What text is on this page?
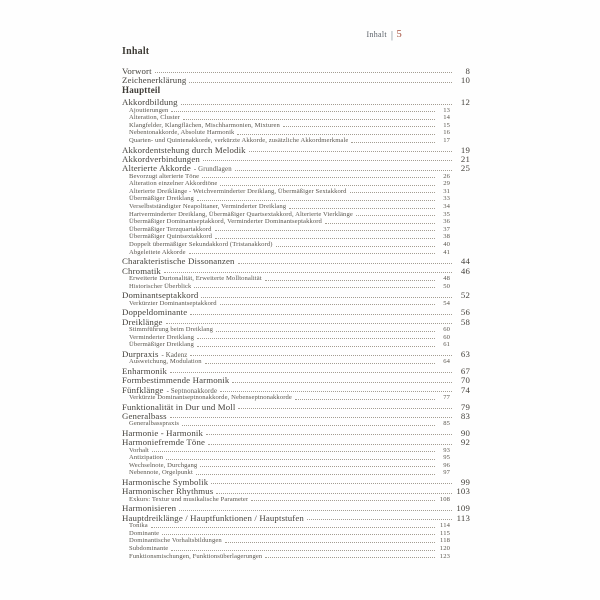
Inhalt | 5
Inhalt
Vorwort	8
Zeichenerklärung	10
Hauptteil
Akkordbildung	12
Ajoutierungen	13
Alteration, Cluster	14
Klangfelder, Klangflächen, Mischharmonien, Mixturen	15
Nebentonakkorde, Absolute Harmonik	16
Quarten- und Quintenakkorde, verkürzte Akkorde, zusätzliche Akkordmerkmale	17
Akkordentstehung durch Melodik	19
Akkordverbindungen	21
Alterierte Akkorde - Grundlagen	25
Bevorzugt alterierte Töne	26
Alteration einzelner Akkordtöne	29
Alterierte Dreiklänge - Weichverminderter Dreiklang, Übermäßiger Sextakkord	31
Übermäßiger Dreiklang	33
Verselbstständigter Neapolitaner, Verminderter Dreiklang	34
Hartverminderter Dreiklang, Übermäßiger Quartsextakkord, Alterierte Vierklänge	35
Übermäßiger Dominantseptakkord, Verminderter Dominantseptakkord	36
Übermäßiger Terzquartakkord	37
Übermäßiger Quintsextakkord	38
Doppelt übermäßiger Sekundakkord (Tristanakkord)	40
Abgeleitete Akkorde	41
Charakteristische Dissonanzen	44
Chromatik	46
Erweiterte Durtonalität, Erweiterte Molltonalität	48
Historischer Überblick	50
Dominantseptakkord	52
Verkürzter Dominantseptakkord	54
Doppeldominante	56
Dreiklänge	58
Stimmführung beim Dreiklang	60
Verminderter Dreiklang	60
Übermäßiger Dreiklang	61
Durpraxis - Kadenz	63
Ausweichung, Modulation	64
Enharmonik	67
Formbestimmende Harmonik	70
Fünfklänge - Septnonakkorde	74
Verkürzte Dominantseptnonakkorde, Nebenseptnonakkorde	77
Funktionalität in Dur und Moll	79
Generalbass	83
Generalbasspraxis	85
Harmonie - Harmonik	90
Harmoniefremde Töne	92
Vorhalt	93
Antizipation	95
Wechselnote, Durchgang	96
Nebennote, Orgelpunkt	97
Harmonische Symbolik	99
Harmonischer Rhythmus	103
Exkurs: Textur und musikalische Parameter	108
Harmonisieren	109
Hauptdreiklänge / Hauptfunktionen / Hauptstufen	113
Tonika	114
Dominante	115
Dominantische Vorhaltsbildungen	118
Subdominante	120
Funktionsmischungen, Funktionsüberlagerungen	123
